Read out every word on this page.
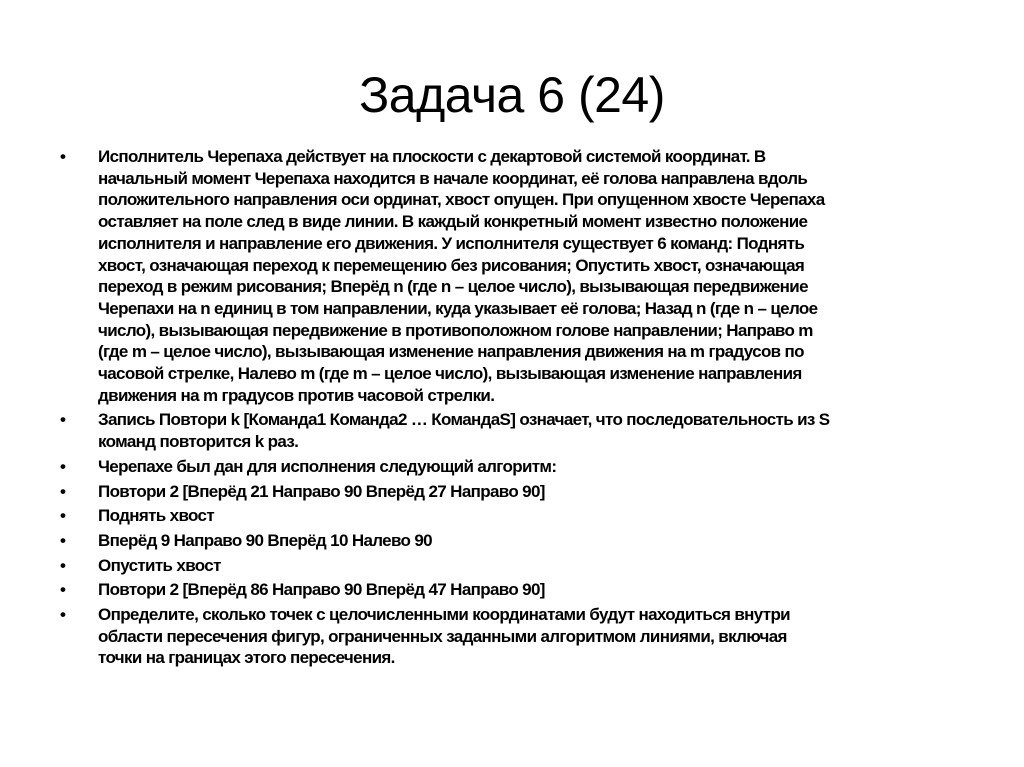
Задача 6 (24)
• Исполнитель Черепаха действует на плоскости с декартовой системой координат. В
начальный момент Черепаха находится в начале координат, её голова направлена вдоль
положительного направления оси ординат, хвост опущен. При опущенном хвосте Черепаха
оставляет на поле след в виде линии. В каждый конкретный момент известно положение
исполнителя и направление его движения. У исполнителя существует 6 команд: Поднять
хвост, означающая переход к перемещению без рисования; Опустить хвост, означающая
переход в режим рисования; Вперёд n (где n – целое число), вызывающая передвижение
Черепахи на n единиц в том направлении, куда указывает её голова; Назад n (где n – целое
число), вызывающая передвижение в противоположном голове направлении; Направо m
(где m – целое число), вызывающая изменение направления движения на m градусов по
часовой стрелке, Налево m (где m – целое число), вызывающая изменение направления
движения на m градусов против часовой стрелки.
• Запись Повтори k [Команда1 Команда2 … КомандаS] означает, что последовательность из S
команд повторится k раз.
• Черепахе был дан для исполнения следующий алгоритм:
• Повтори 2 [Вперёд 21 Направо 90 Вперёд 27 Направо 90]
• Поднять хвост
• Вперёд 9 Направо 90 Вперёд 10 Налево 90
• Опустить хвост
• Повтори 2 [Вперёд 86 Направо 90 Вперёд 47 Направо 90]
• Определите, сколько точек с целочисленными координатами будут находиться внутри
области пересечения фигур, ограниченных заданными алгоритмом линиями, включая
точки на границах этого пересечения.
